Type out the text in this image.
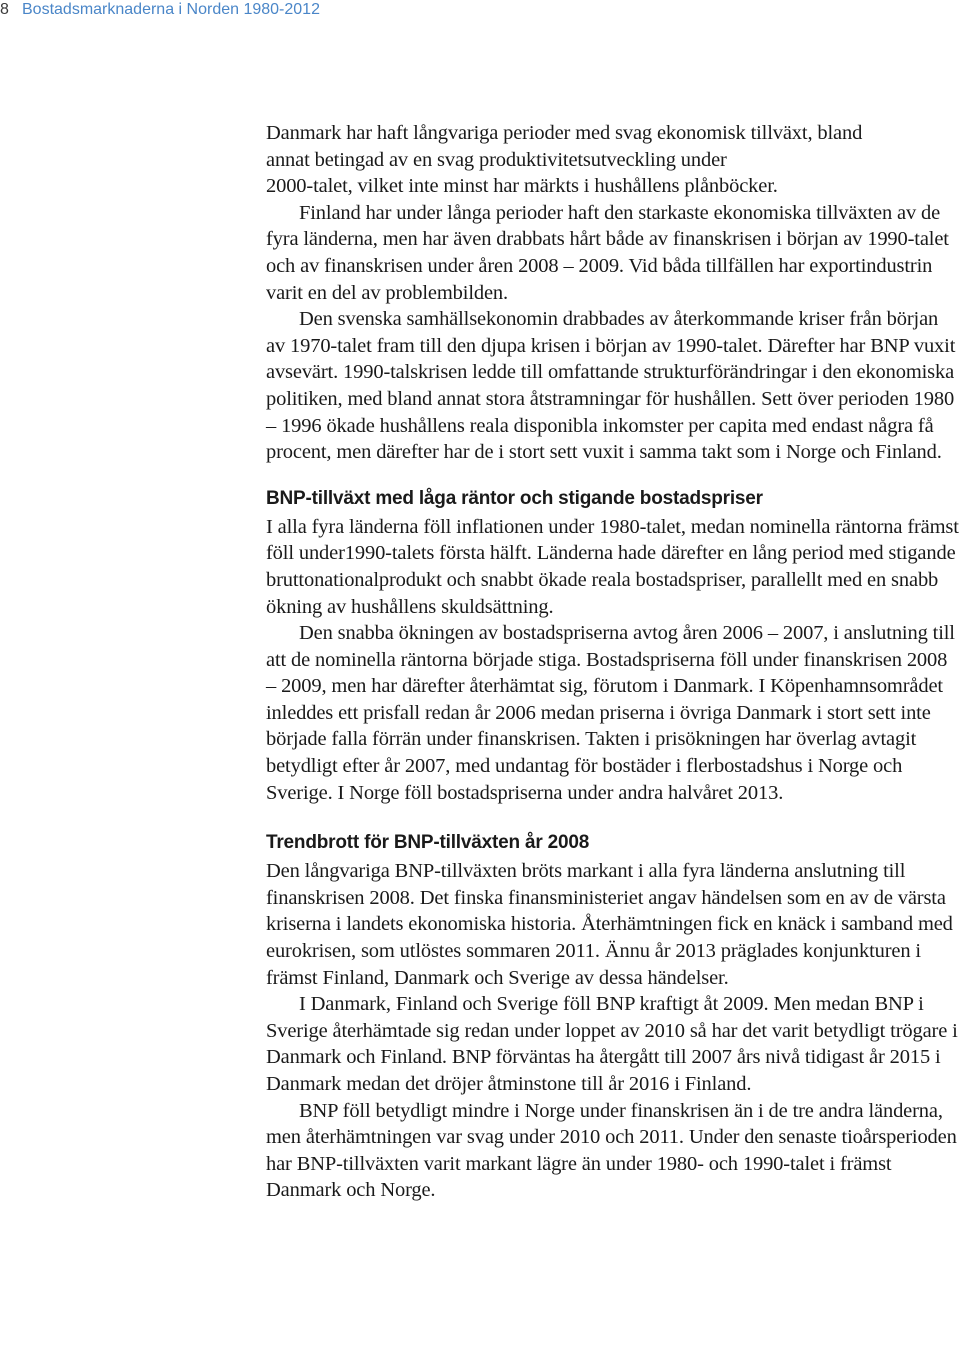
8 Bostadsmarknaderna i Norden 1980-2012
Danmark har haft långvariga perioder med svag ekonomisk tillväxt, bland
annat betingad av en svag produktivitetsutveckling under
2000-talet, vilket inte minst har märkts i hushållens plånböcker.

Finland har under långa perioder haft den starkaste ekonomiska tillväxten av de fyra länderna, men har även drabbats hårt både av finanskrisen i början av 1990-talet och av finanskrisen under åren 2008 – 2009. Vid båda tillfällen har exportindustrin varit en del av problembilden.

Den svenska samhällsekonomin drabbades av återkommande kriser från början av 1970-talet fram till den djupa krisen i början av 1990-talet. Därefter har BNP vuxit avsevärt. 1990-talskrisen ledde till omfattande strukturförändringar i den ekonomiska politiken, med bland annat stora åtstramningar för hushållen. Sett över perioden 1980 – 1996 ökade hushållens reala disponibla inkomster per capita med endast några få procent, men därefter har de i stort sett vuxit i samma takt som i Norge och Finland.

BNP-tillväxt med låga räntor och stigande bostadspriser

I alla fyra länderna föll inflationen under 1980-talet, medan nominella räntorna främst föll under1990-talets första hälft. Länderna hade därefter en lång period med stigande bruttonationalprodukt och snabbt ökade reala bostadspriser, parallellt med en snabb ökning av hushållens skuldsättning.

Den snabba ökningen av bostadspriserna avtog åren 2006 – 2007, i anslutning till att de nominella räntorna började stiga. Bostadspriserna föll under finanskrisen 2008 – 2009, men har därefter återhämtat sig, förutom i Danmark. I Köpenhamnsområdet inleddes ett prisfall redan år 2006 medan priserna i övriga Danmark i stort sett inte började falla förrän under finanskrisen. Takten i prisökningen har överlag avtagit betydligt efter år 2007, med undantag för bostäder i flerbostadshus i Norge och Sverige. I Norge föll bostadspriserna under andra halvåret 2013.

Trendbrott för BNP-tillväxten år 2008

Den långvariga BNP-tillväxten bröts markant i alla fyra länderna anslutning till finanskrisen 2008. Det finska finansministeriet angav händelsen som en av de värsta kriserna i landets ekonomiska historia. Återhämtningen fick en knäck i samband med eurokrisen, som utlöstes sommaren 2011. Ännu år 2013 präglades konjunkturen i främst Finland, Danmark och Sverige av dessa händelser.

I Danmark, Finland och Sverige föll BNP kraftigt åt 2009. Men medan BNP i Sverige återhämtade sig redan under loppet av 2010 så har det varit betydligt trögare i Danmark och Finland. BNP förväntas ha återgått till 2007 års nivå tidigast år 2015 i Danmark medan det dröjer åtminstone till år 2016 i Finland.

BNP föll betydligt mindre i Norge under finanskrisen än i de tre andra länderna, men återhämtningen var svag under 2010 och 2011. Under den senaste tioårsperioden har BNP-tillväxten varit markant lägre än under 1980- och 1990-talet i främst Danmark och Norge.
